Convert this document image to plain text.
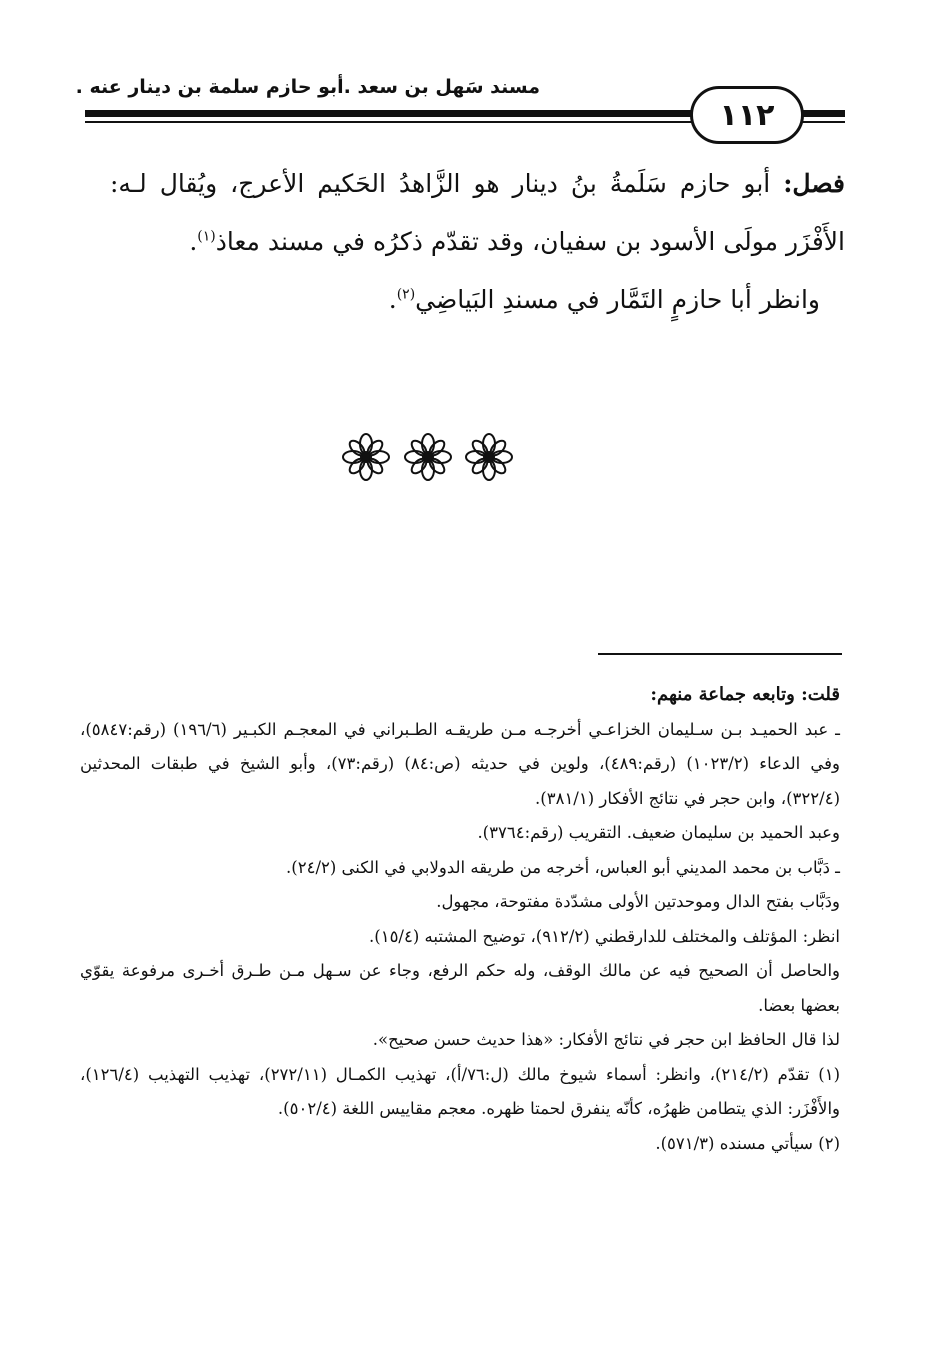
مسند سَهل بن سعد .أبو حازم سلمة بن دينار عنه .
١١٢

فصل: أبو حازم سَلَمةُ بنُ دينار هو الزَّاهدُ الحَكيم الأعرج، ويُقال لـه: الأَفْزَر مولَى الأسود بن سفيان، وقد تقدّم ذكرُه في مسند معاذ$^{(١)}$.

وانظر أبا حازمٍ التَمَّار في مسندِ البَياضِي$^{(٢)}$.

قلت: وتابعه جماعة منهم:

ـ عبد الحميـد بـن سـليمان الخزاعـي أخرجـه مـن طريقـه الطـبراني في المعجـم الكبـير (١٩٦/٦) (رقم:٥٨٤٧)، وفي الدعاء (١٠٢٣/٢) (رقم:٤٨٩)، ولوين في حديثه (ص:٨٤) (رقم:٧٣)، وأبو الشيخ في طبقات المحدثين (٣٢٢/٤)، وابن حجر في نتائج الأفكار (٣٨١/١).

وعبد الحميد بن سليمان ضعيف. التقريب (رقم:٣٧٦٤).

ـ دَبَّاب بن محمد المديني أبو العباس، أخرجه من طريقه الدولابي في الكنى (٢٤/٢).

ودَبَّاب بفتح الدال وموحدتين الأولى مشدّدة مفتوحة، مجهول.

انظر: المؤتلف والمختلف للدارقطني (٩١٢/٢)، توضيح المشتبه (١٥/٤).

والحاصل أن الصحيح فيه عن مالك الوقف، وله حكم الرفع، وجاء عن سـهل مـن طـرق أخـرى مرفوعة يقوّي بعضها بعضا.

لذا قال الحافظ ابن حجر في نتائج الأفكار: «هذا حديث حسن صحيح».

(١) تقدّم (٢١٤/٢)، وانظر: أسماء شيوخ مالك (ل:٧٦/أ)، تهذيب الكمـال (٢٧٢/١١)، تهذيب التهذيب (١٢٦/٤)، والأَفْزَر: الذي يتطامن ظهرُه، كأنّه ينفرق لحمتا ظهره. معجم مقاييس اللغة (٥٠٢/٤).

(٢) سيأتي مسنده (٥٧١/٣).
